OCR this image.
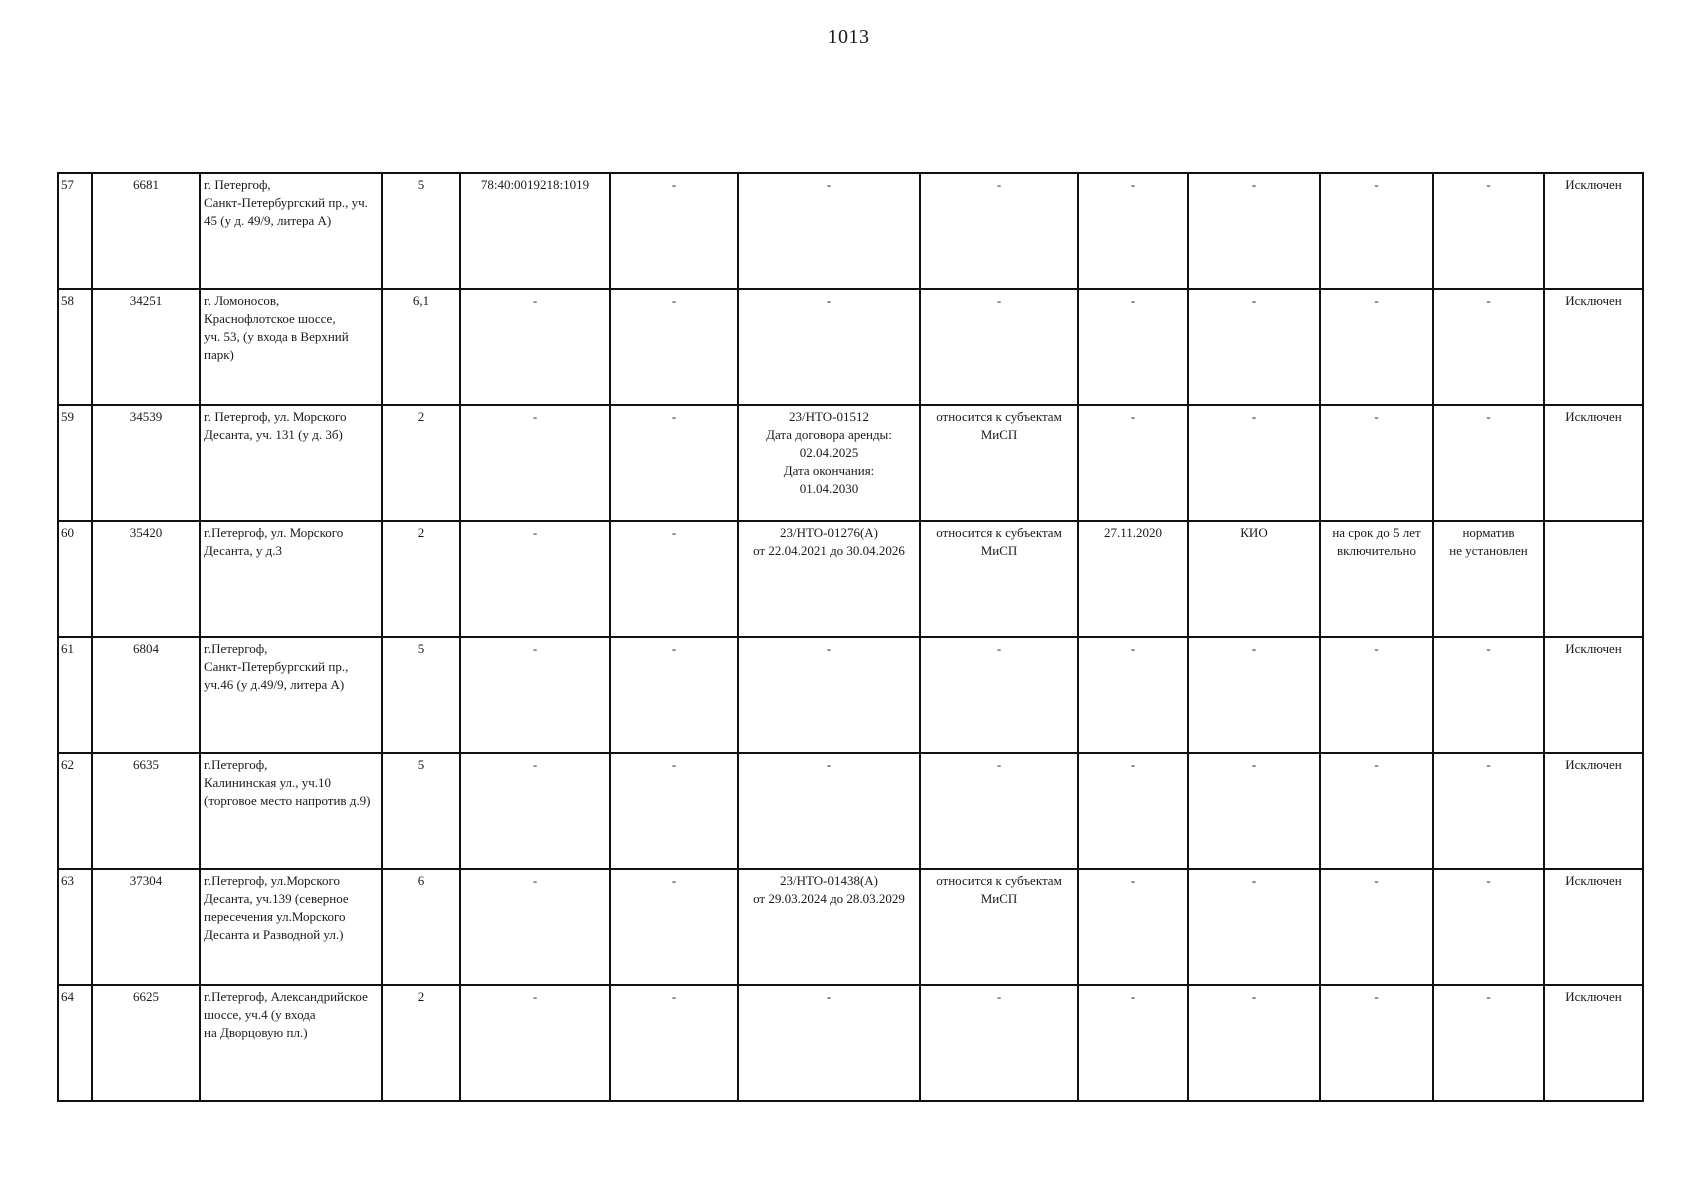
1013
57	6681	г. Петергоф,
Санкт-Петербургский пр., уч.
45 (у д. 49/9, литера А)	5	78:40:0019218:1019	-	-	-	-	-	-	-	Исключен
58	34251	г. Ломоносов,
Краснофлотское шоссе,
уч. 53, (у входа в Верхний
парк)	6,1	-	-	-	-	-	-	-	-	Исключен
59	34539	г. Петергоф, ул. Морского
Десанта, уч. 131 (у д. 3б)	2	-	-	23/НТО-01512
Дата договора аренды:
02.04.2025
Дата окончания:
01.04.2030	относится к субъектам
МиСП	-	-	-	-	Исключен
60	35420	г.Петергоф, ул. Морского
Десанта, у д.3	2	-	-	23/НТО-01276(А)
от 22.04.2021 до 30.04.2026	относится к субъектам
МиСП	27.11.2020	КИО	на срок до 5 лет
включительно	норматив
не установлен	

61	6804	г.Петергоф,
Санкт-Петербургский пр.,
уч.46 (у д.49/9, литера А)	5	-	-	-	-	-	-	-	-	Исключен
62	6635	г.Петергоф,
Калининская ул., уч.10
(торговое место напротив д.9)	5	-	-	-	-	-	-	-	-	Исключен
63	37304	г.Петергоф, ул.Морского
Десанта, уч.139 (северное
пересечения ул.Морского
Десанта и Разводной ул.)	6	-	-	23/НТО-01438(А)
от 29.03.2024 до 28.03.2029	относится к субъектам
МиСП	-	-	-	-	Исключен
64	6625	г.Петергоф, Александрийское
шоссе, уч.4 (у входа
на Дворцовую пл.)	2	-	-	-	-	-	-	-	-	Исключен
